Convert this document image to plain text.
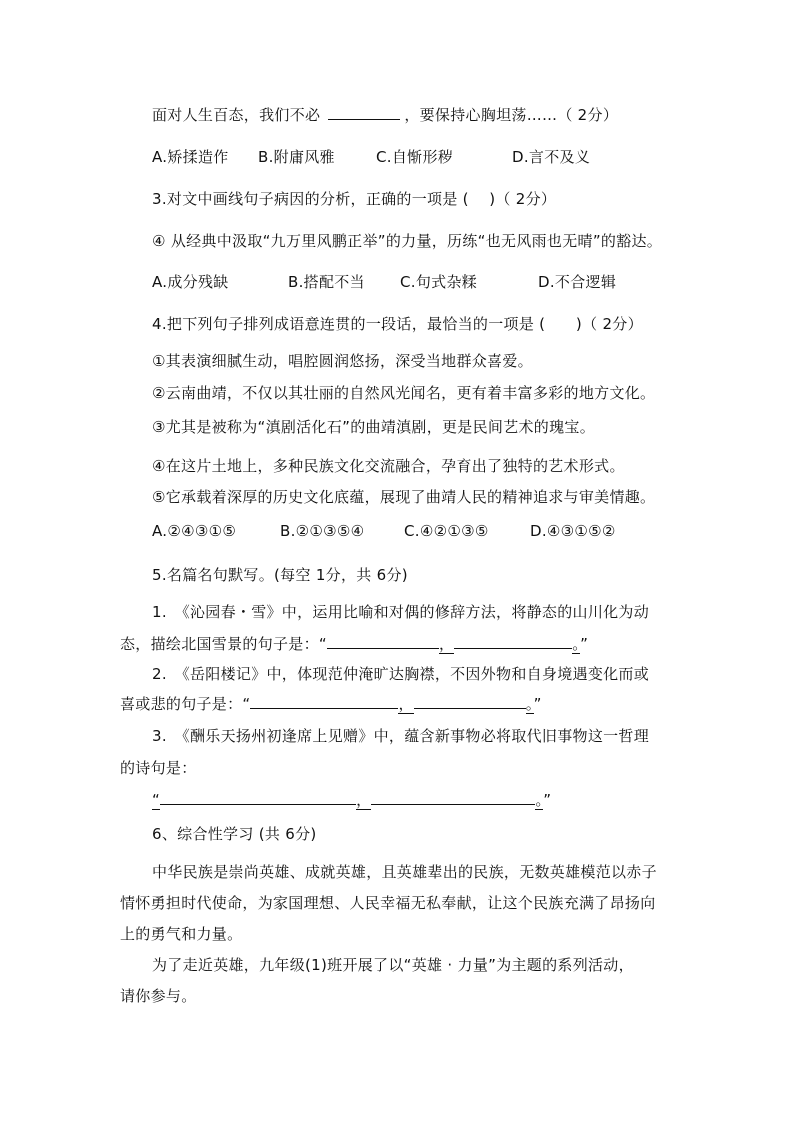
面对人生百态，我们不必	，要保持心胸坦荡……（ 2分）
A.矫揉造作 B.附庸风雅	C.自惭形秽	D.言不及义
3.对文中画线句子病因的分析，正确的一项是 (　 )（ 2分）
④ 从经典中汲取“九万里风鹏正举”的力量，历练“也无风雨也无晴”的豁达。
A.成分残缺	B.搭配不当 C.句式杂糅	D.不合逻辑
4.把下列句子排列成语意连贯的一段话，最恰当的一项是 (　　)（ 2分）
①其表演细腻生动，唱腔圆润悠扬，深受当地群众喜爱。
②云南曲靖，不仅以其壮丽的自然风光闻名，更有着丰富多彩的地方文化。
③尤其是被称为“滇剧活化石”的曲靖滇剧，更是民间艺术的瑰宝。
④在这片土地上，多种民族文化交流融合，孕育出了独特的艺术形式。
⑤它承载着深厚的历史文化底蕴，展现了曲靖人民的精神追求与审美情趣。
A.②④③①⑤	B.②①③⑤④	C.④②①③⑤	D.④③①⑤②
5.名篇名句默写。(每空 1分，共 6分)
1.　《沁园春・雪》中，运用比喻和对偶的修辞方法，将静态的山川化为动
态，描绘北国雪景的句子是：“	，	。”
2.　《岳阳楼记》中，体现范仲淹旷达胸襟，不因外物和自身境遇变化而或
喜或悲的句子是：“	，	。”
3.　《酬乐天扬州初逢席上见赠》中，蕴含新事物必将取代旧事物这一哲理
的诗句是：
“	，	。”
6、综合性学习 (共 6分)
中华民族是崇尚英雄、成就英雄，且英雄辈出的民族，无数英雄模范以赤子
情怀勇担时代使命，为家国理想、人民幸福无私奉献，让这个民族充满了昂扬向
上的勇气和力量。
为了走近英雄，九年级(1)班开展了以“英雄 · 力量”为主题的系列活动，
请你参与。
